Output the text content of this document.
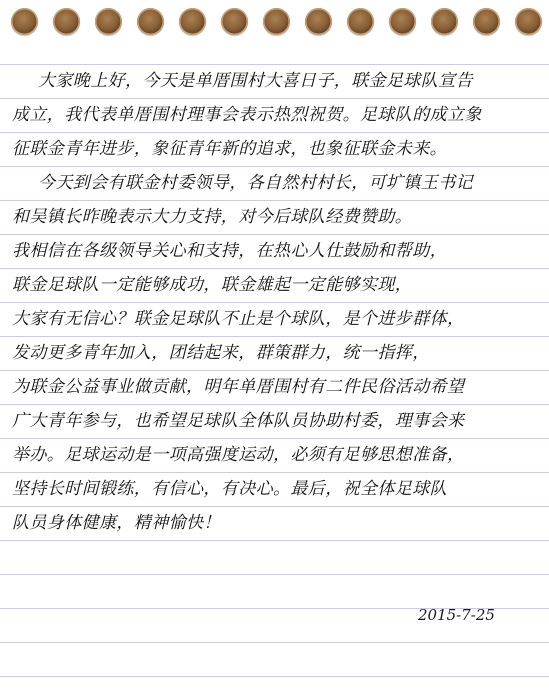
大家晚上好，今天是单厝围村大喜日子，联金足球队宣告
成立，我代表单厝围村理事会表示热烈祝贺。足球队的成立象
征联金青年进步，象征青年新的追求，也象征联金未来。
今天到会有联金村委领导，各自然村村长，可圹镇王书记
和吴镇长昨晚表示大力支持，对今后球队经费赞助。
我相信在各级领导关心和支持，在热心人仕鼓励和帮助，
联金足球队一定能够成功，联金雄起一定能够实现，
大家有无信心？联金足球队不止是个球队，是个进步群体，
发动更多青年加入，团结起来，群策群力，统一指挥，
为联金公益事业做贡献，明年单厝围村有二件民俗活动希望
广大青年参与，也希望足球队全体队员协助村委，理事会来
举办。足球运动是一项高强度运动，必须有足够思想准备，
坚持长时间锻练，有信心，有决心。最后，祝全体足球队
队员身体健康，精神愉快！
2015-7-25
